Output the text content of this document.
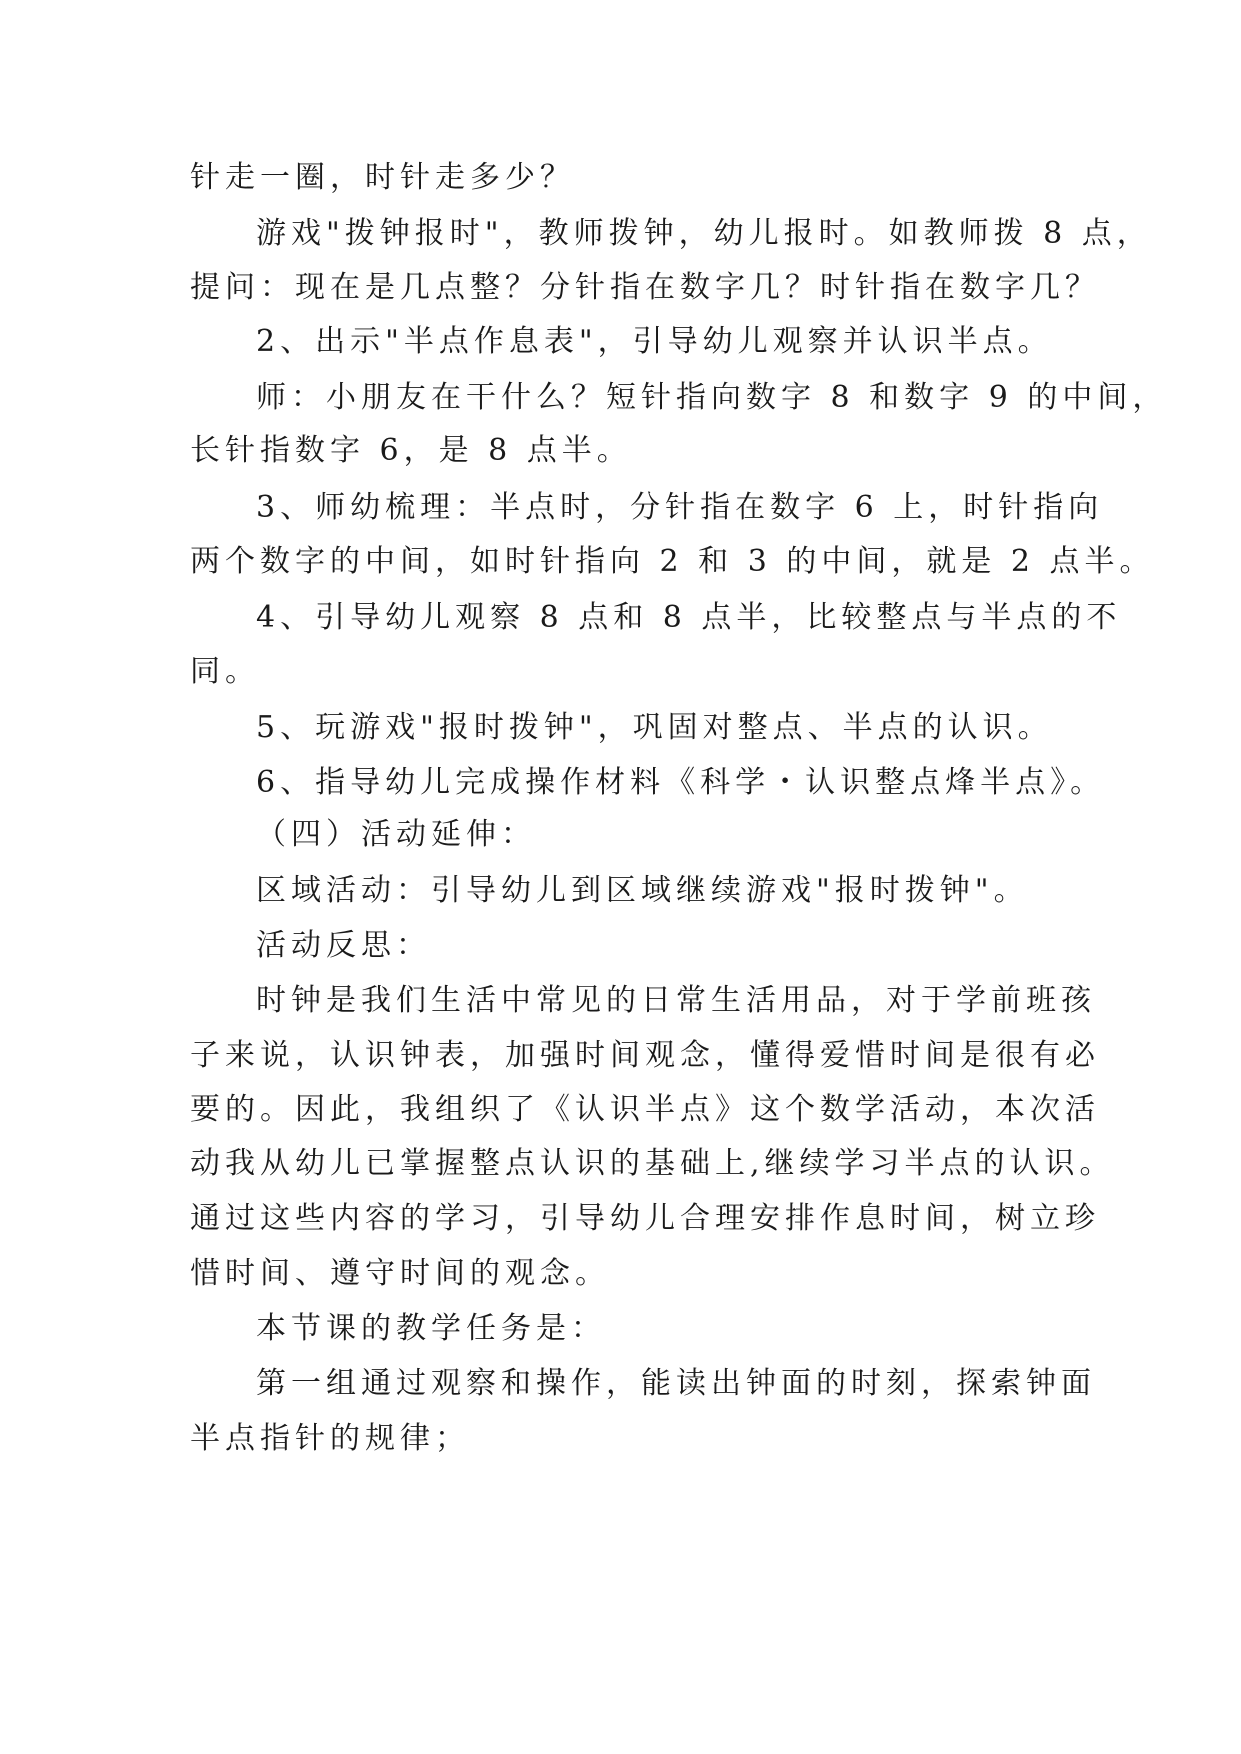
针走一圈，时针走多少？
游戏"拨钟报时"，教师拨钟，幼儿报时。如教师拨 8 点，
提问：现在是几点整？分针指在数字几？时针指在数字几？
2、出示"半点作息表"，引导幼儿观察并认识半点。
师：小朋友在干什么？短针指向数字 8 和数字 9 的中间，
长针指数字 6，是 8 点半。
3、师幼梳理：半点时，分针指在数字 6 上，时针指向
两个数字的中间，如时针指向 2 和 3 的中间，就是 2 点半。
4、引导幼儿观察 8 点和 8 点半，比较整点与半点的不
同。
5、玩游戏"报时拨钟"，巩固对整点、半点的认识。
6、指导幼儿完成操作材料《科学・认识整点烽半点》。
（四）活动延伸：
区域活动：引导幼儿到区域继续游戏"报时拨钟"。
活动反思：
时钟是我们生活中常见的日常生活用品，对于学前班孩
子来说，认识钟表，加强时间观念，懂得爱惜时间是很有必
要的。因此，我组织了《认识半点》这个数学活动，本次活
动我从幼儿已掌握整点认识的基础上,继续学习半点的认识。
通过这些内容的学习，引导幼儿合理安排作息时间，树立珍
惜时间、遵守时间的观念。
本节课的教学任务是：
第一组通过观察和操作，能读出钟面的时刻，探索钟面
半点指针的规律；
